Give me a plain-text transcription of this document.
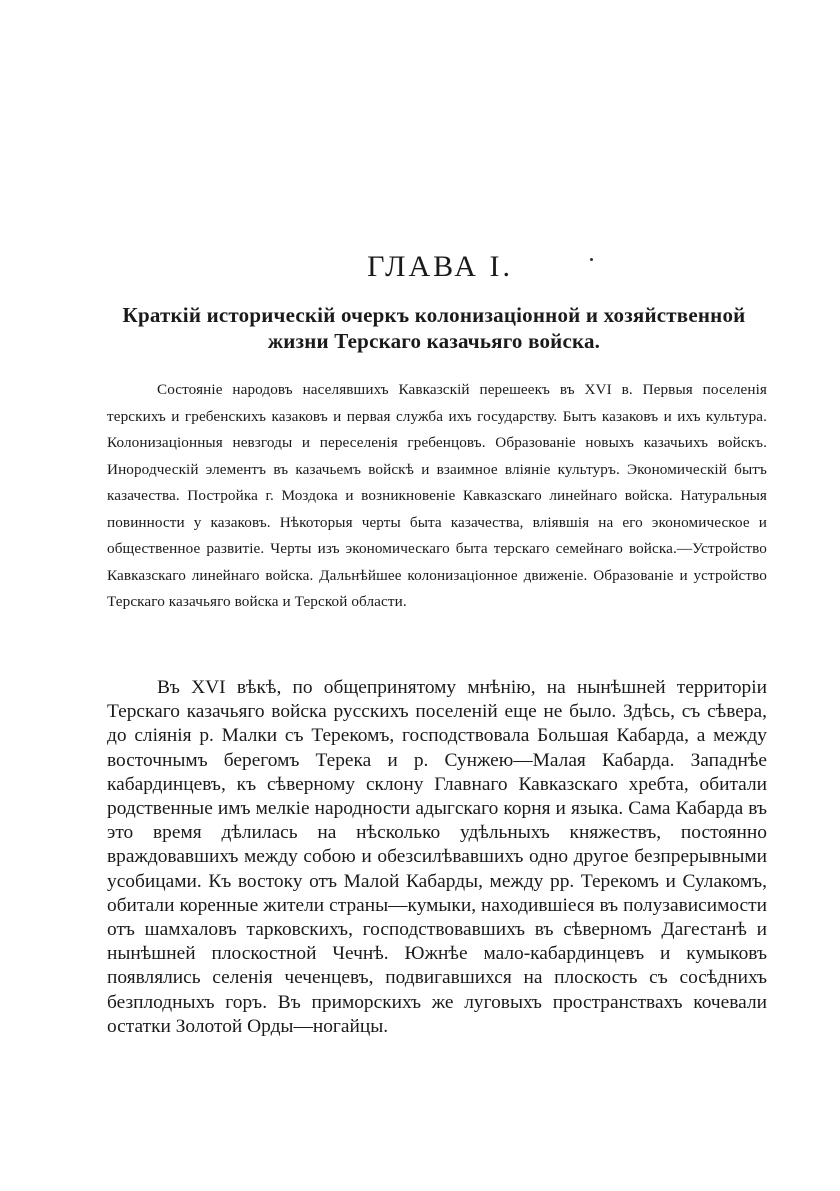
ГЛАВА I.
Краткій историческій очеркъ колонизаціонной и хозяйственной жизни Терскаго казачьяго войска.

Состояніе народовъ населявшихъ Кавказскій перешеекъ въ XVI в. Первыя поселенія терскихъ и гребенскихъ казаковъ и первая служба ихъ государству. Бытъ казаковъ и ихъ культура. Колонизаціонныя невзгоды и переселенія гребенцовъ. Образованіе новыхъ казачьихъ войскъ. Инородческій элементъ въ казачьемъ войскѣ и взаимное вліяніе культуръ. Экономическій бытъ казачества. Постройка г. Моздока и возникновеніе Кавказскаго линейнаго войска. Натуральныя повинности у казаковъ. Нѣкоторыя черты быта казачества, вліявшія на его экономическое и общественное развитіе. Черты изъ экономическаго быта терскаго семейнаго войска.—Устройство Кавказскаго линейнаго войска. Дальнѣйшее колонизаціонное движеніе. Образованіе и устройство Терскаго казачьяго войска и Терской области.

Въ XVI вѣкѣ, по общепринятому мнѣнію, на нынѣшней территоріи Терскаго казачьяго войска русскихъ поселеній еще не было. Здѣсь, съ сѣвера, до сліянія р. Малки съ Терекомъ, господствовала Большая Кабарда, а между восточнымъ берегомъ Терека и р. Сунжею—Малая Кабарда. Западнѣе кабардинцевъ, къ сѣверному склону Главнаго Кавказскаго хребта, обитали родственные имъ мелкіе народности адыгскаго корня и языка. Сама Кабарда въ это время дѣлилась на нѣсколько удѣльныхъ княжествъ, постоянно враждовавшихъ между собою и обезсилѣвавшихъ одно другое безпрерывными усобицами. Къ востоку отъ Малой Кабарды, между рр. Терекомъ и Сулакомъ, обитали коренные жители страны—кумыки, находившіеся въ полузависимости отъ шамхаловъ тарковскихъ, господствовавшихъ въ сѣверномъ Дагестанѣ и нынѣшней плоскостной Чечнѣ. Южнѣе мало-кабардинцевъ и кумыковъ появлялись селенія чеченцевъ, подвигавшихся на плоскость съ сосѣднихъ безплодныхъ горъ. Въ приморскихъ же луговыхъ пространствахъ кочевали остатки Золотой Орды—ногайцы.
